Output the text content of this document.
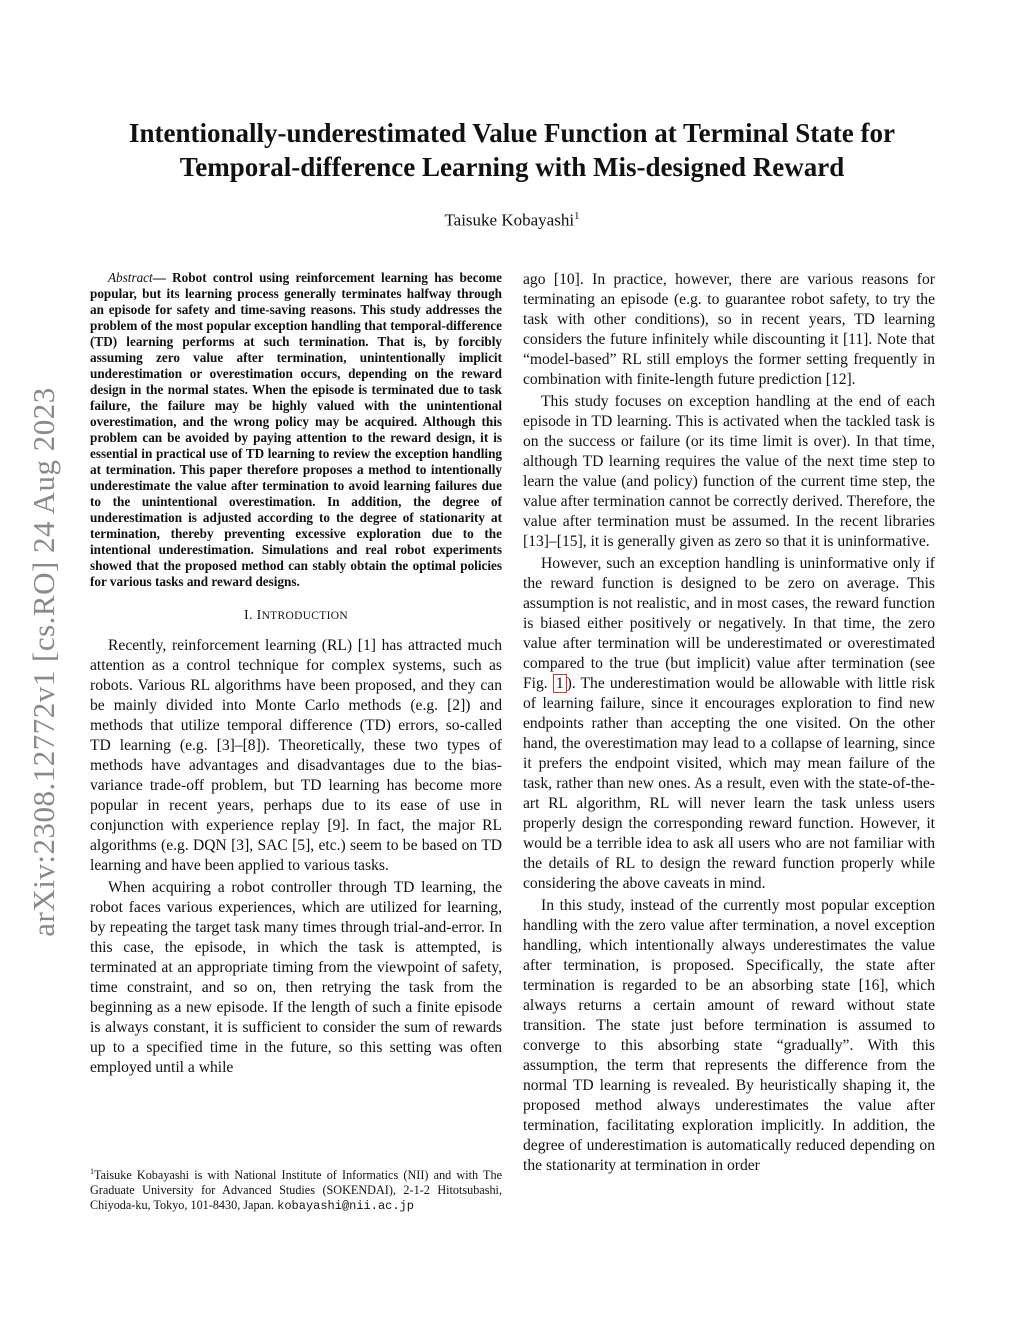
arXiv:2308.12772v1 [cs.RO] 24 Aug 2023
Intentionally-underestimated Value Function at Terminal State for
Temporal-difference Learning with Mis-designed Reward
Taisuke Kobayashi$^1$

Abstract— Robot control using reinforcement learning has become popular, but its learning process generally terminates halfway through an episode for safety and time-saving reasons. This study addresses the problem of the most popular exception handling that temporal-difference (TD) learning performs at such termination. That is, by forcibly assuming zero value after termination, unintentionally implicit underestimation or overestimation occurs, depending on the reward design in the normal states. When the episode is terminated due to task failure, the failure may be highly valued with the unintentional overestimation, and the wrong policy may be acquired. Although this problem can be avoided by paying attention to the reward design, it is essential in practical use of TD learning to review the exception handling at termination. This paper therefore proposes a method to intentionally underestimate the value after termination to avoid learning failures due to the unintentional overestimation. In addition, the degree of underestimation is adjusted according to the degree of stationarity at termination, thereby preventing excessive exploration due to the intentional underestimation. Simulations and real robot experiments showed that the proposed method can stably obtain the optimal policies for various tasks and reward designs.

I. INTRODUCTION

Recently, reinforcement learning (RL) [1] has attracted much attention as a control technique for complex systems, such as robots. Various RL algorithms have been proposed, and they can be mainly divided into Monte Carlo methods (e.g. [2]) and methods that utilize temporal difference (TD) errors, so-called TD learning (e.g. [3]–[8]). Theoretically, these two types of methods have advantages and disadvantages due to the bias-variance trade-off problem, but TD learning has become more popular in recent years, perhaps due to its ease of use in conjunction with experience replay [9]. In fact, the major RL algorithms (e.g. DQN [3], SAC [5], etc.) seem to be based on TD learning and have been applied to various tasks.

When acquiring a robot controller through TD learning, the robot faces various experiences, which are utilized for learning, by repeating the target task many times through trial-and-error. In this case, the episode, in which the task is attempted, is terminated at an appropriate timing from the viewpoint of safety, time constraint, and so on, then retrying the task from the beginning as a new episode. If the length of such a finite episode is always constant, it is sufficient to consider the sum of rewards up to a specified time in the future, so this setting was often employed until a while

ago [10]. In practice, however, there are various reasons for terminating an episode (e.g. to guarantee robot safety, to try the task with other conditions), so in recent years, TD learning considers the future infinitely while discounting it [11]. Note that “model-based” RL still employs the former setting frequently in combination with finite-length future prediction [12].

This study focuses on exception handling at the end of each episode in TD learning. This is activated when the tackled task is on the success or failure (or its time limit is over). In that time, although TD learning requires the value of the next time step to learn the value (and policy) function of the current time step, the value after termination cannot be correctly derived. Therefore, the value after termination must be assumed. In the recent libraries [13]–[15], it is generally given as zero so that it is uninformative.

However, such an exception handling is uninformative only if the reward function is designed to be zero on average. This assumption is not realistic, and in most cases, the reward function is biased either positively or negatively. In that time, the zero value after termination will be underestimated or overestimated compared to the true (but implicit) value after termination (see Fig. 1 ). The underestimation would be allowable with little risk of learning failure, since it encourages exploration to find new endpoints rather than accepting the one visited. On the other hand, the overestimation may lead to a collapse of learning, since it prefers the endpoint visited, which may mean failure of the task, rather than new ones. As a result, even with the state-of-the-art RL algorithm, RL will never learn the task unless users properly design the corresponding reward function. However, it would be a terrible idea to ask all users who are not familiar with the details of RL to design the reward function properly while considering the above caveats in mind.

In this study, instead of the currently most popular exception handling with the zero value after termination, a novel exception handling, which intentionally always underestimates the value after termination, is proposed. Specifically, the state after termination is regarded to be an absorbing state [16], which always returns a certain amount of reward without state transition. The state just before termination is assumed to converge to this absorbing state “gradually”. With this assumption, the term that represents the difference from the normal TD learning is revealed. By heuristically shaping it, the proposed method always underestimates the value after termination, facilitating exploration implicitly. In addition, the degree of underestimation is automatically reduced depending on the stationarity at termination in order

$^1$Taisuke Kobayashi is with National Institute of Informatics (NII) and with The Graduate University for Advanced Studies (SOKENDAI), 2-1-2 Hitotsubashi, Chiyoda-ku, Tokyo, 101-8430, Japan. kobayashi@nii.ac.jp
